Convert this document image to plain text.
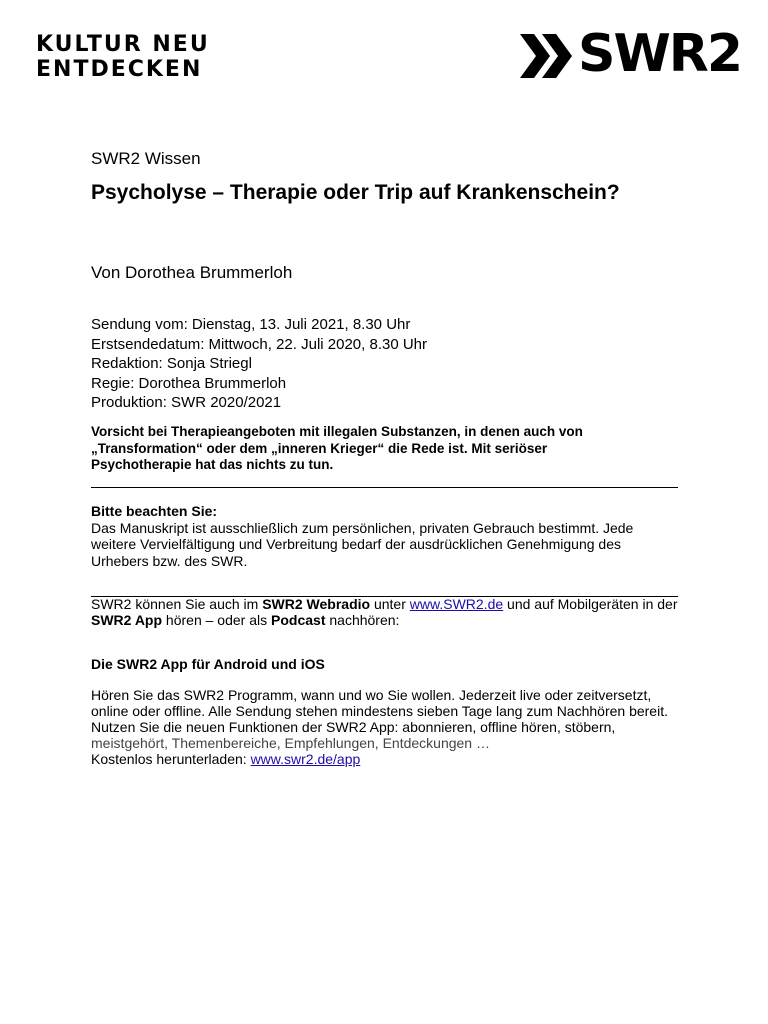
KULTUR NEU
ENTDECKEN	SWR2
SWR2 Wissen
Psycholyse – Therapie oder Trip auf Krankenschein?
Von Dorothea Brummerloh
Sendung vom: Dienstag, 13. Juli 2021, 8.30 Uhr
Erstsendedatum: Mittwoch, 22. Juli 2020, 8.30 Uhr
Redaktion: Sonja Striegl
Regie: Dorothea Brummerloh
Produktion: SWR 2020/2021
Vorsicht bei Therapieangeboten mit illegalen Substanzen, in denen auch von „Transformation“ oder dem „inneren Krieger“ die Rede ist. Mit seriöser Psychotherapie hat das nichts zu tun.
Bitte beachten Sie:
Das Manuskript ist ausschließlich zum persönlichen, privaten Gebrauch bestimmt. Jede weitere Vervielfältigung und Verbreitung bedarf der ausdrücklichen Genehmigung des Urhebers bzw. des SWR.
SWR2 können Sie auch im SWR2 Webradio unter www.SWR2.de und auf Mobilgeräten in der SWR2 App hören – oder als Podcast nachhören:
Die SWR2 App für Android und iOS
Hören Sie das SWR2 Programm, wann und wo Sie wollen. Jederzeit live oder zeitversetzt, online oder offline. Alle Sendung stehen mindestens sieben Tage lang zum Nachhören bereit. Nutzen Sie die neuen Funktionen der SWR2 App: abonnieren, offline hören, stöbern, meistgehört, Themenbereiche, Empfehlungen, Entdeckungen …
Kostenlos herunterladen: www.swr2.de/app
